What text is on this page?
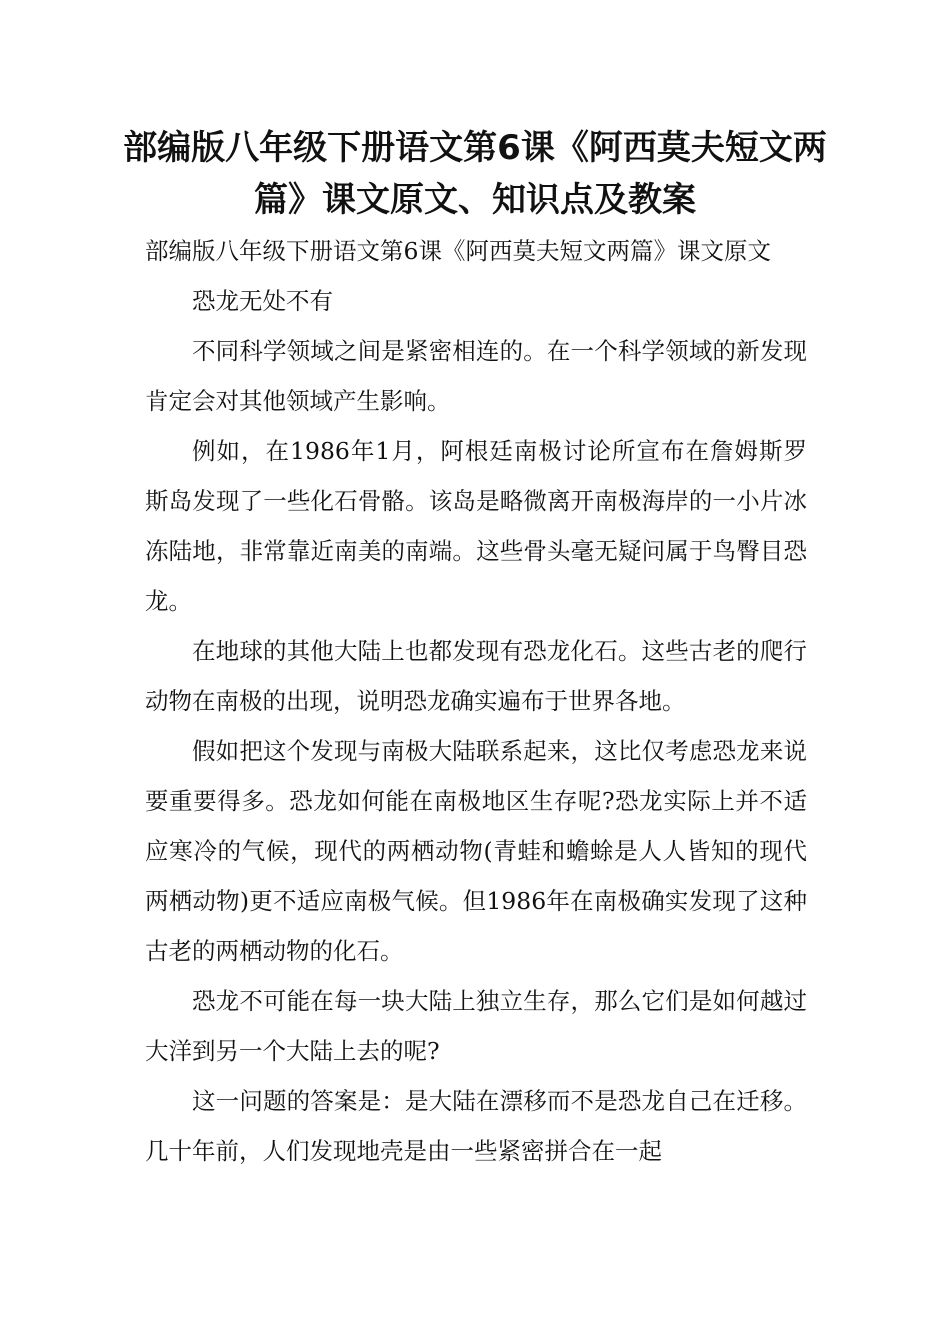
部编版八年级下册语文第6课《阿西莫夫短文两篇》课文原文、知识点及教案

部编版八年级下册语文第6课《阿西莫夫短文两篇》课文原文

恐龙无处不有

不同科学领域之间是紧密相连的。在一个科学领域的新发现肯定会对其他领域产生影响。

例如，在1986年1月，阿根廷南极讨论所宣布在詹姆斯罗斯岛发现了一些化石骨骼。该岛是略微离开南极海岸的一小片冰冻陆地，非常靠近南美的南端。这些骨头毫无疑问属于鸟臀目恐龙。

在地球的其他大陆上也都发现有恐龙化石。这些古老的爬行动物在南极的出现，说明恐龙确实遍布于世界各地。

假如把这个发现与南极大陆联系起来，这比仅考虑恐龙来说要重要得多。恐龙如何能在南极地区生存呢?恐龙实际上并不适应寒冷的气候，现代的两栖动物(青蛙和蟾蜍是人人皆知的现代两栖动物)更不适应南极气候。但1986年在南极确实发现了这种古老的两栖动物的化石。

恐龙不可能在每一块大陆上独立生存，那么它们是如何越过大洋到另一个大陆上去的呢?

这一问题的答案是：是大陆在漂移而不是恐龙自己在迁移。几十年前，人们发现地壳是由一些紧密拼合在一起
